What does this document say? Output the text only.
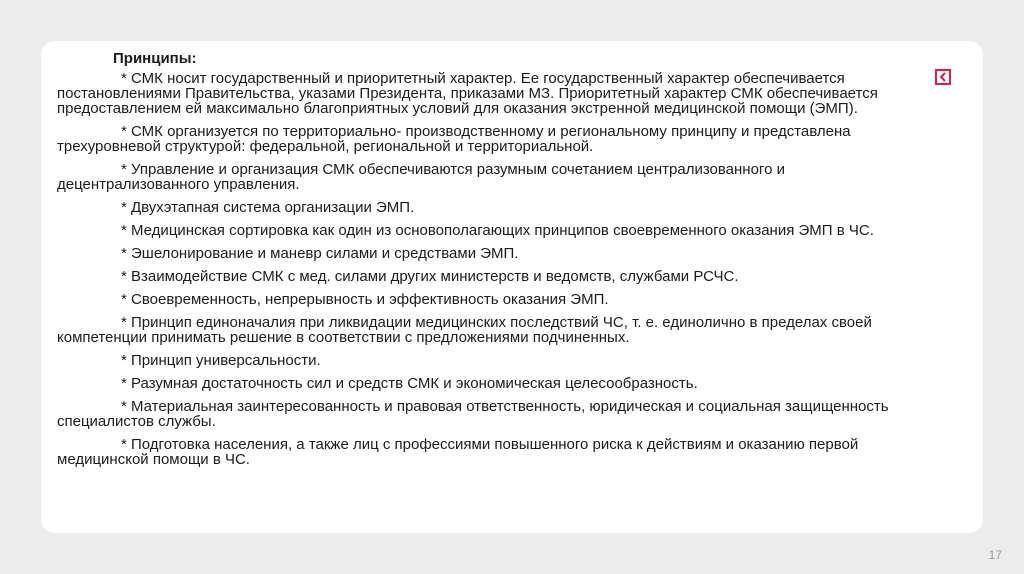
Принципы:
* СМК носит государственный и приоритетный характер. Ее государственный характер обеспечивается постановлениями Правительства, указами Президента, приказами МЗ. Приоритетный характер СМК обеспечивается предоставлением ей максимально благоприятных условий для оказания экстренной медицинской помощи (ЭМП).
* СМК организуется по территориально- производственному и региональному принципу и представлена трехуровневой структурой: федеральной, региональной и территориальной.
* Управление и организация СМК обеспечиваются разумным сочетанием централизованного и децентрализованного управления.
* Двухэтапная система организации ЭМП.
* Медицинская сортировка как один из основополагающих принципов своевременного оказания ЭМП в ЧС.
* Эшелонирование и маневр силами и средствами ЭМП.
* Взаимодействие СМК с мед. силами других министерств и ведомств, службами РСЧС.
* Своевременность, непрерывность и эффективность оказания ЭМП.
* Принцип единоначалия при ликвидации медицинских последствий ЧС, т. е. единолично в пределах своей компетенции принимать решение в соответствии с предложениями подчиненных.
* Принцип универсальности.
* Разумная достаточность сил и средств СМК и экономическая целесообразность.
* Материальная заинтересованность и правовая ответственность, юридическая и социальная защищенность специалистов службы.
* Подготовка населения, а также лиц с профессиями повышенного риска к действиям и оказанию первой медицинской помощи в ЧС.
17
